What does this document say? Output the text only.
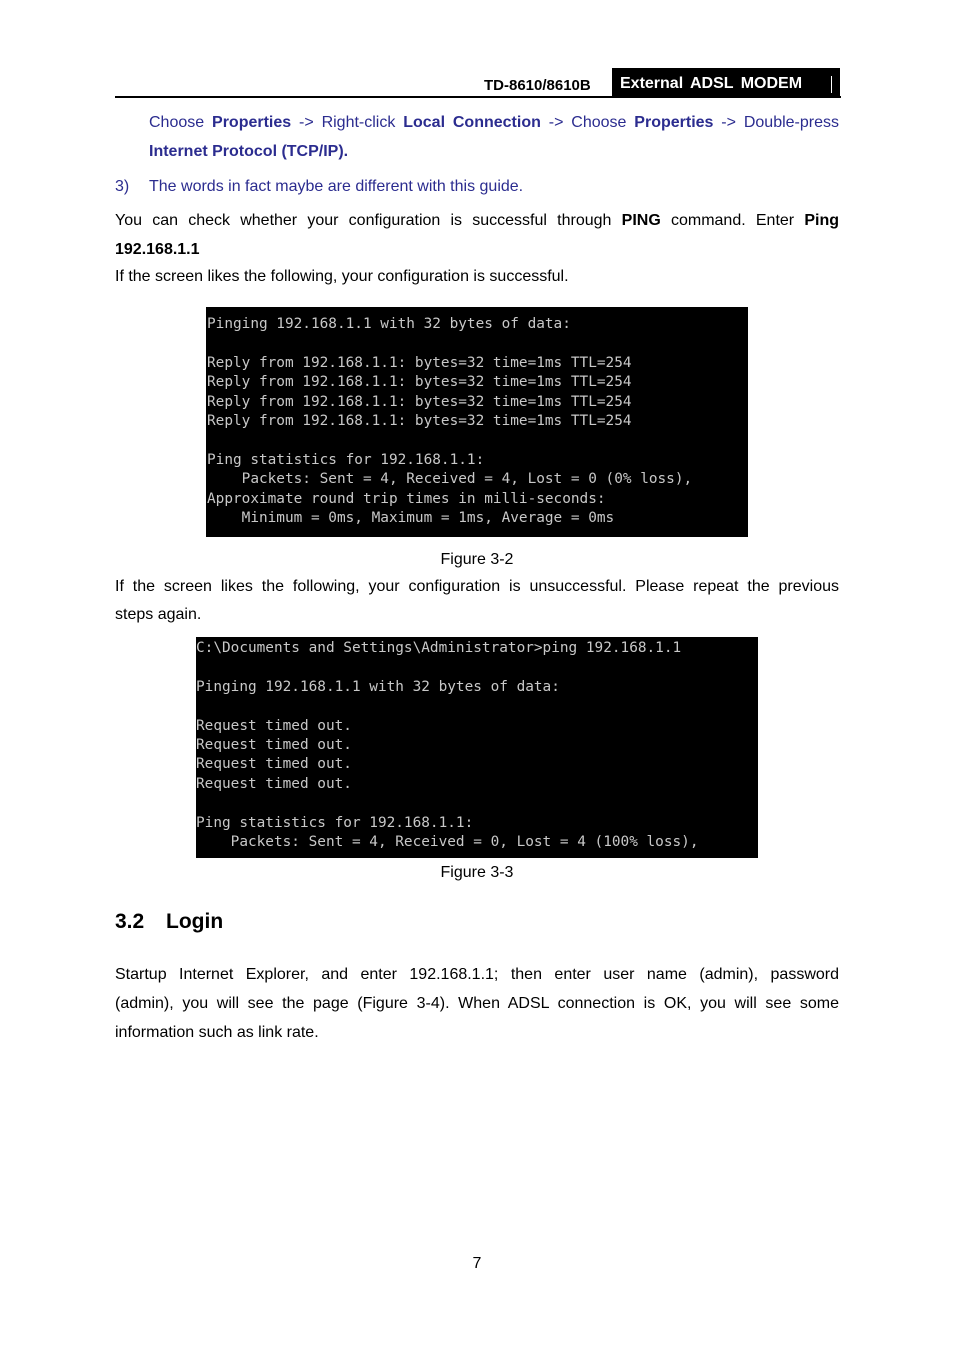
TD-8610/8610B External ADSL MODEM
Choose Properties -> Right-click Local Connection -> Choose Properties -> Double-press
Internet Protocol (TCP/IP).
3) The words in fact maybe are different with this guide.
You can check whether your configuration is successful through PING command. Enter Ping
192.168.1.1
If the screen likes the following, your configuration is successful.

Pinging 192.168.1.1 with 32 bytes of data:
Reply from 192.168.1.1: bytes=32 time=1ms TTL=254
Reply from 192.168.1.1: bytes=32 time=1ms TTL=254
Reply from 192.168.1.1: bytes=32 time=1ms TTL=254
Reply from 192.168.1.1: bytes=32 time=1ms TTL=254
Ping statistics for 192.168.1.1:
Packets: Sent = 4, Received = 4, Lost = 0 (0% loss),
Approximate round trip times in milli-seconds:
Minimum = 0ms, Maximum = 1ms, Average = 0ms

Figure 3-2
If the screen likes the following, your configuration is unsuccessful. Please repeat the previous
steps again.

C:\Documents and Settings\Administrator>ping 192.168.1.1
Pinging 192.168.1.1 with 32 bytes of data:
Request timed out.
Request timed out.
Request timed out.
Request timed out.
Ping statistics for 192.168.1.1:
Packets: Sent = 4, Received = 0, Lost = 4 (100% loss),

Figure 3-3
3.2 Login
Startup Internet Explorer, and enter 192.168.1.1; then enter user name (admin), password
(admin), you will see the page (Figure 3-4). When ADSL connection is OK, you will see some
information such as link rate.
7
